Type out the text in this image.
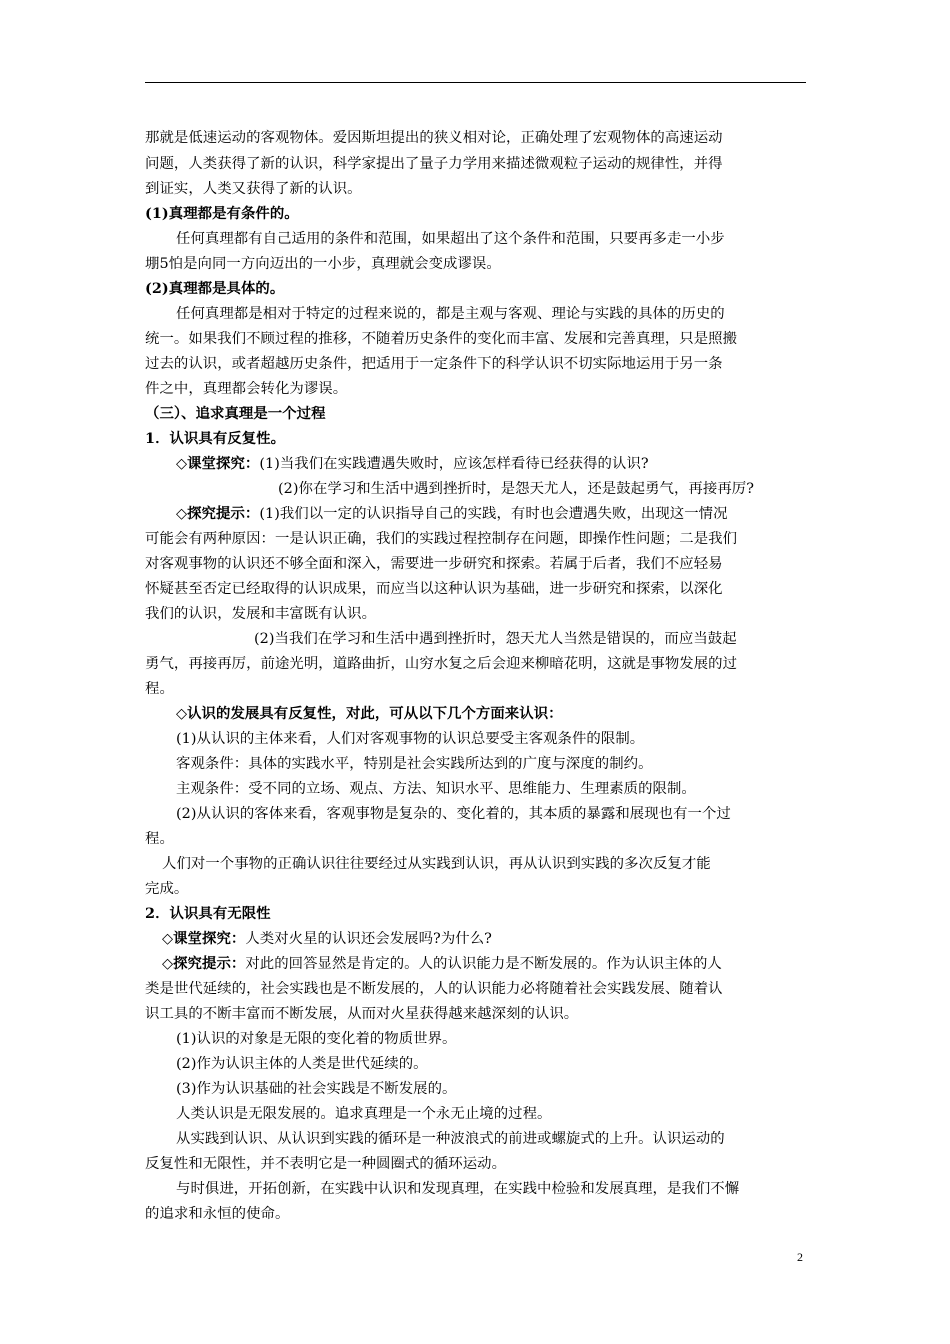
那就是低速运动的客观物体。爱因斯坦提出的狭义相对论，正确处理了宏观物体的高速运动
问题，人类获得了新的认识，科学家提出了量子力学用来描述微观粒子运动的规律性，并得
到证实，人类又获得了新的认识。
(1)真理都是有条件的。
任何真理都有自己适用的条件和范围，如果超出了这个条件和范围，只要再多走一小步
堋5怕是向同一方向迈出的一小步，真理就会变成谬误。
(2)真理都是具体的。
任何真理都是相对于特定的过程来说的，都是主观与客观、理论与实践的具体的历史的
统一。如果我们不顾过程的推移，不随着历史条件的变化而丰富、发展和完善真理，只是照搬
过去的认识，或者超越历史条件，把适用于一定条件下的科学认识不切实际地运用于另一条
件之中，真理都会转化为谬误。
（三）、追求真理是一个过程
1．认识具有反复性。
◇课堂探究：(1)当我们在实践遭遇失败时，应该怎样看待已经获得的认识?
(2)你在学习和生活中遇到挫折时，是怨天尤人，还是鼓起勇气，再接再厉?
◇探究提示：(1)我们以一定的认识指导自己的实践，有时也会遭遇失败，出现这一情况
可能会有两种原因：一是认识正确，我们的实践过程控制存在问题，即操作性问题；二是我们
对客观事物的认识还不够全面和深入，需要进一步研究和探索。若属于后者，我们不应轻易
怀疑甚至否定已经取得的认识成果，而应当以这种认识为基础，进一步研究和探索，以深化
我们的认识，发展和丰富既有认识。
(2)当我们在学习和生活中遇到挫折时，怨天尤人当然是错误的，而应当鼓起
勇气，再接再厉，前途光明，道路曲折，山穷水复之后会迎来柳暗花明，这就是事物发展的过
程。
◇认识的发展具有反复性，对此，可从以下几个方面来认识：
(1)从认识的主体来看，人们对客观事物的认识总要受主客观条件的限制。
客观条件：具体的实践水平，特别是社会实践所达到的广度与深度的制约。
主观条件：受不同的立场、观点、方法、知识水平、思维能力、生理素质的限制。
(2)从认识的客体来看，客观事物是复杂的、变化着的，其本质的暴露和展现也有一个过
程。
人们对一个事物的正确认识往往要经过从实践到认识，再从认识到实践的多次反复才能
完成。
2．认识具有无限性
◇课堂探究：人类对火星的认识还会发展吗?为什么?
◇探究提示：对此的回答显然是肯定的。人的认识能力是不断发展的。作为认识主体的人
类是世代延续的，社会实践也是不断发展的，人的认识能力必将随着社会实践发展、随着认
识工具的不断丰富而不断发展，从而对火星获得越来越深刻的认识。
(1)认识的对象是无限的变化着的物质世界。
(2)作为认识主体的人类是世代延续的。
(3)作为认识基础的社会实践是不断发展的。
人类认识是无限发展的。追求真理是一个永无止境的过程。
从实践到认识、从认识到实践的循环是一种波浪式的前进或螺旋式的上升。认识运动的
反复性和无限性，并不表明它是一种圆圈式的循环运动。
与时俱进，开拓创新，在实践中认识和发现真理，在实践中检验和发展真理，是我们不懈
的追求和永恒的使命。
2
